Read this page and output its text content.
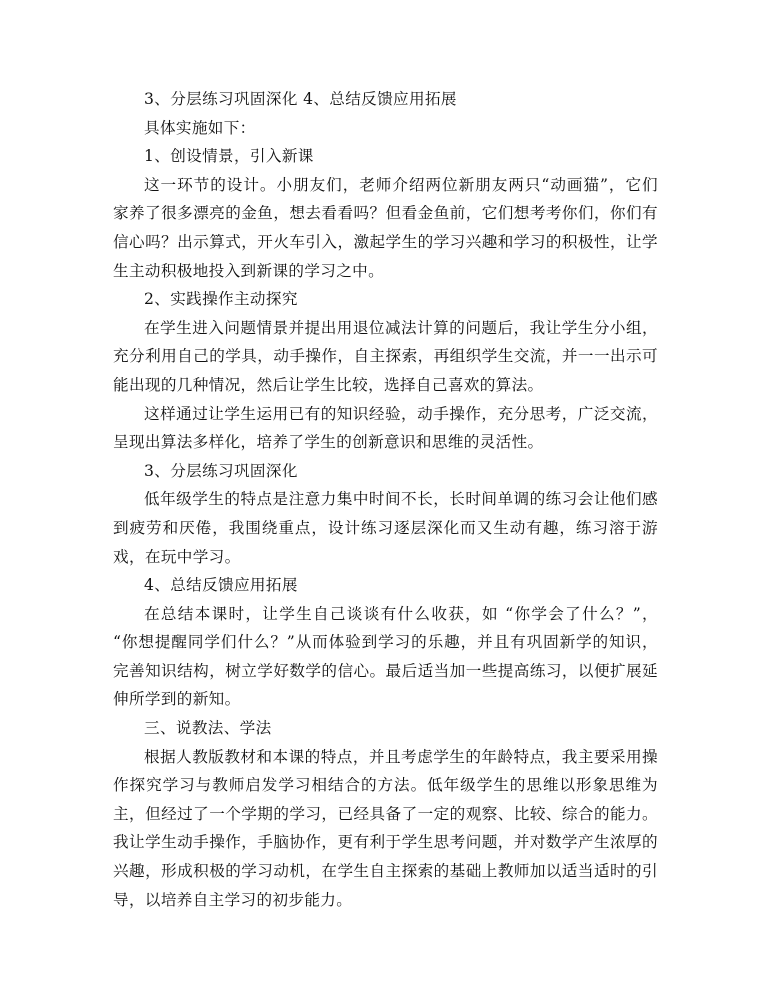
3、分层练习巩固深化 4、总结反馈应用拓展
具体实施如下：
1、创设情景，引入新课
这一环节的设计。小朋友们，老师介绍两位新朋友两只“动画猫”，它们
家养了很多漂亮的金鱼，想去看看吗？但看金鱼前，它们想考考你们，你们有
信心吗？出示算式，开火车引入，激起学生的学习兴趣和学习的积极性，让学
生主动积极地投入到新课的学习之中。
2、实践操作主动探究
在学生进入问题情景并提出用退位减法计算的问题后，我让学生分小组，
充分利用自己的学具，动手操作，自主探索，再组织学生交流，并一一出示可
能出现的几种情况，然后让学生比较，选择自己喜欢的算法。
这样通过让学生运用已有的知识经验，动手操作，充分思考，广泛交流，
呈现出算法多样化，培养了学生的创新意识和思维的灵活性。
3、分层练习巩固深化
低年级学生的特点是注意力集中时间不长，长时间单调的练习会让他们感
到疲劳和厌倦，我围绕重点，设计练习逐层深化而又生动有趣，练习溶于游
戏，在玩中学习。
4、总结反馈应用拓展
在总结本课时，让学生自己谈谈有什么收获，如 “你学会了什么？”，
“你想提醒同学们什么？”从而体验到学习的乐趣，并且有巩固新学的知识，
完善知识结构，树立学好数学的信心。最后适当加一些提高练习，以便扩展延
伸所学到的新知。
三、说教法、学法
根据人教版教材和本课的特点，并且考虑学生的年龄特点，我主要采用操
作探究学习与教师启发学习相结合的方法。低年级学生的思维以形象思维为
主，但经过了一个学期的学习，已经具备了一定的观察、比较、综合的能力。
我让学生动手操作，手脑协作，更有利于学生思考问题，并对数学产生浓厚的
兴趣，形成积极的学习动机，在学生自主探索的基础上教师加以适当适时的引
导，以培养自主学习的初步能力。
